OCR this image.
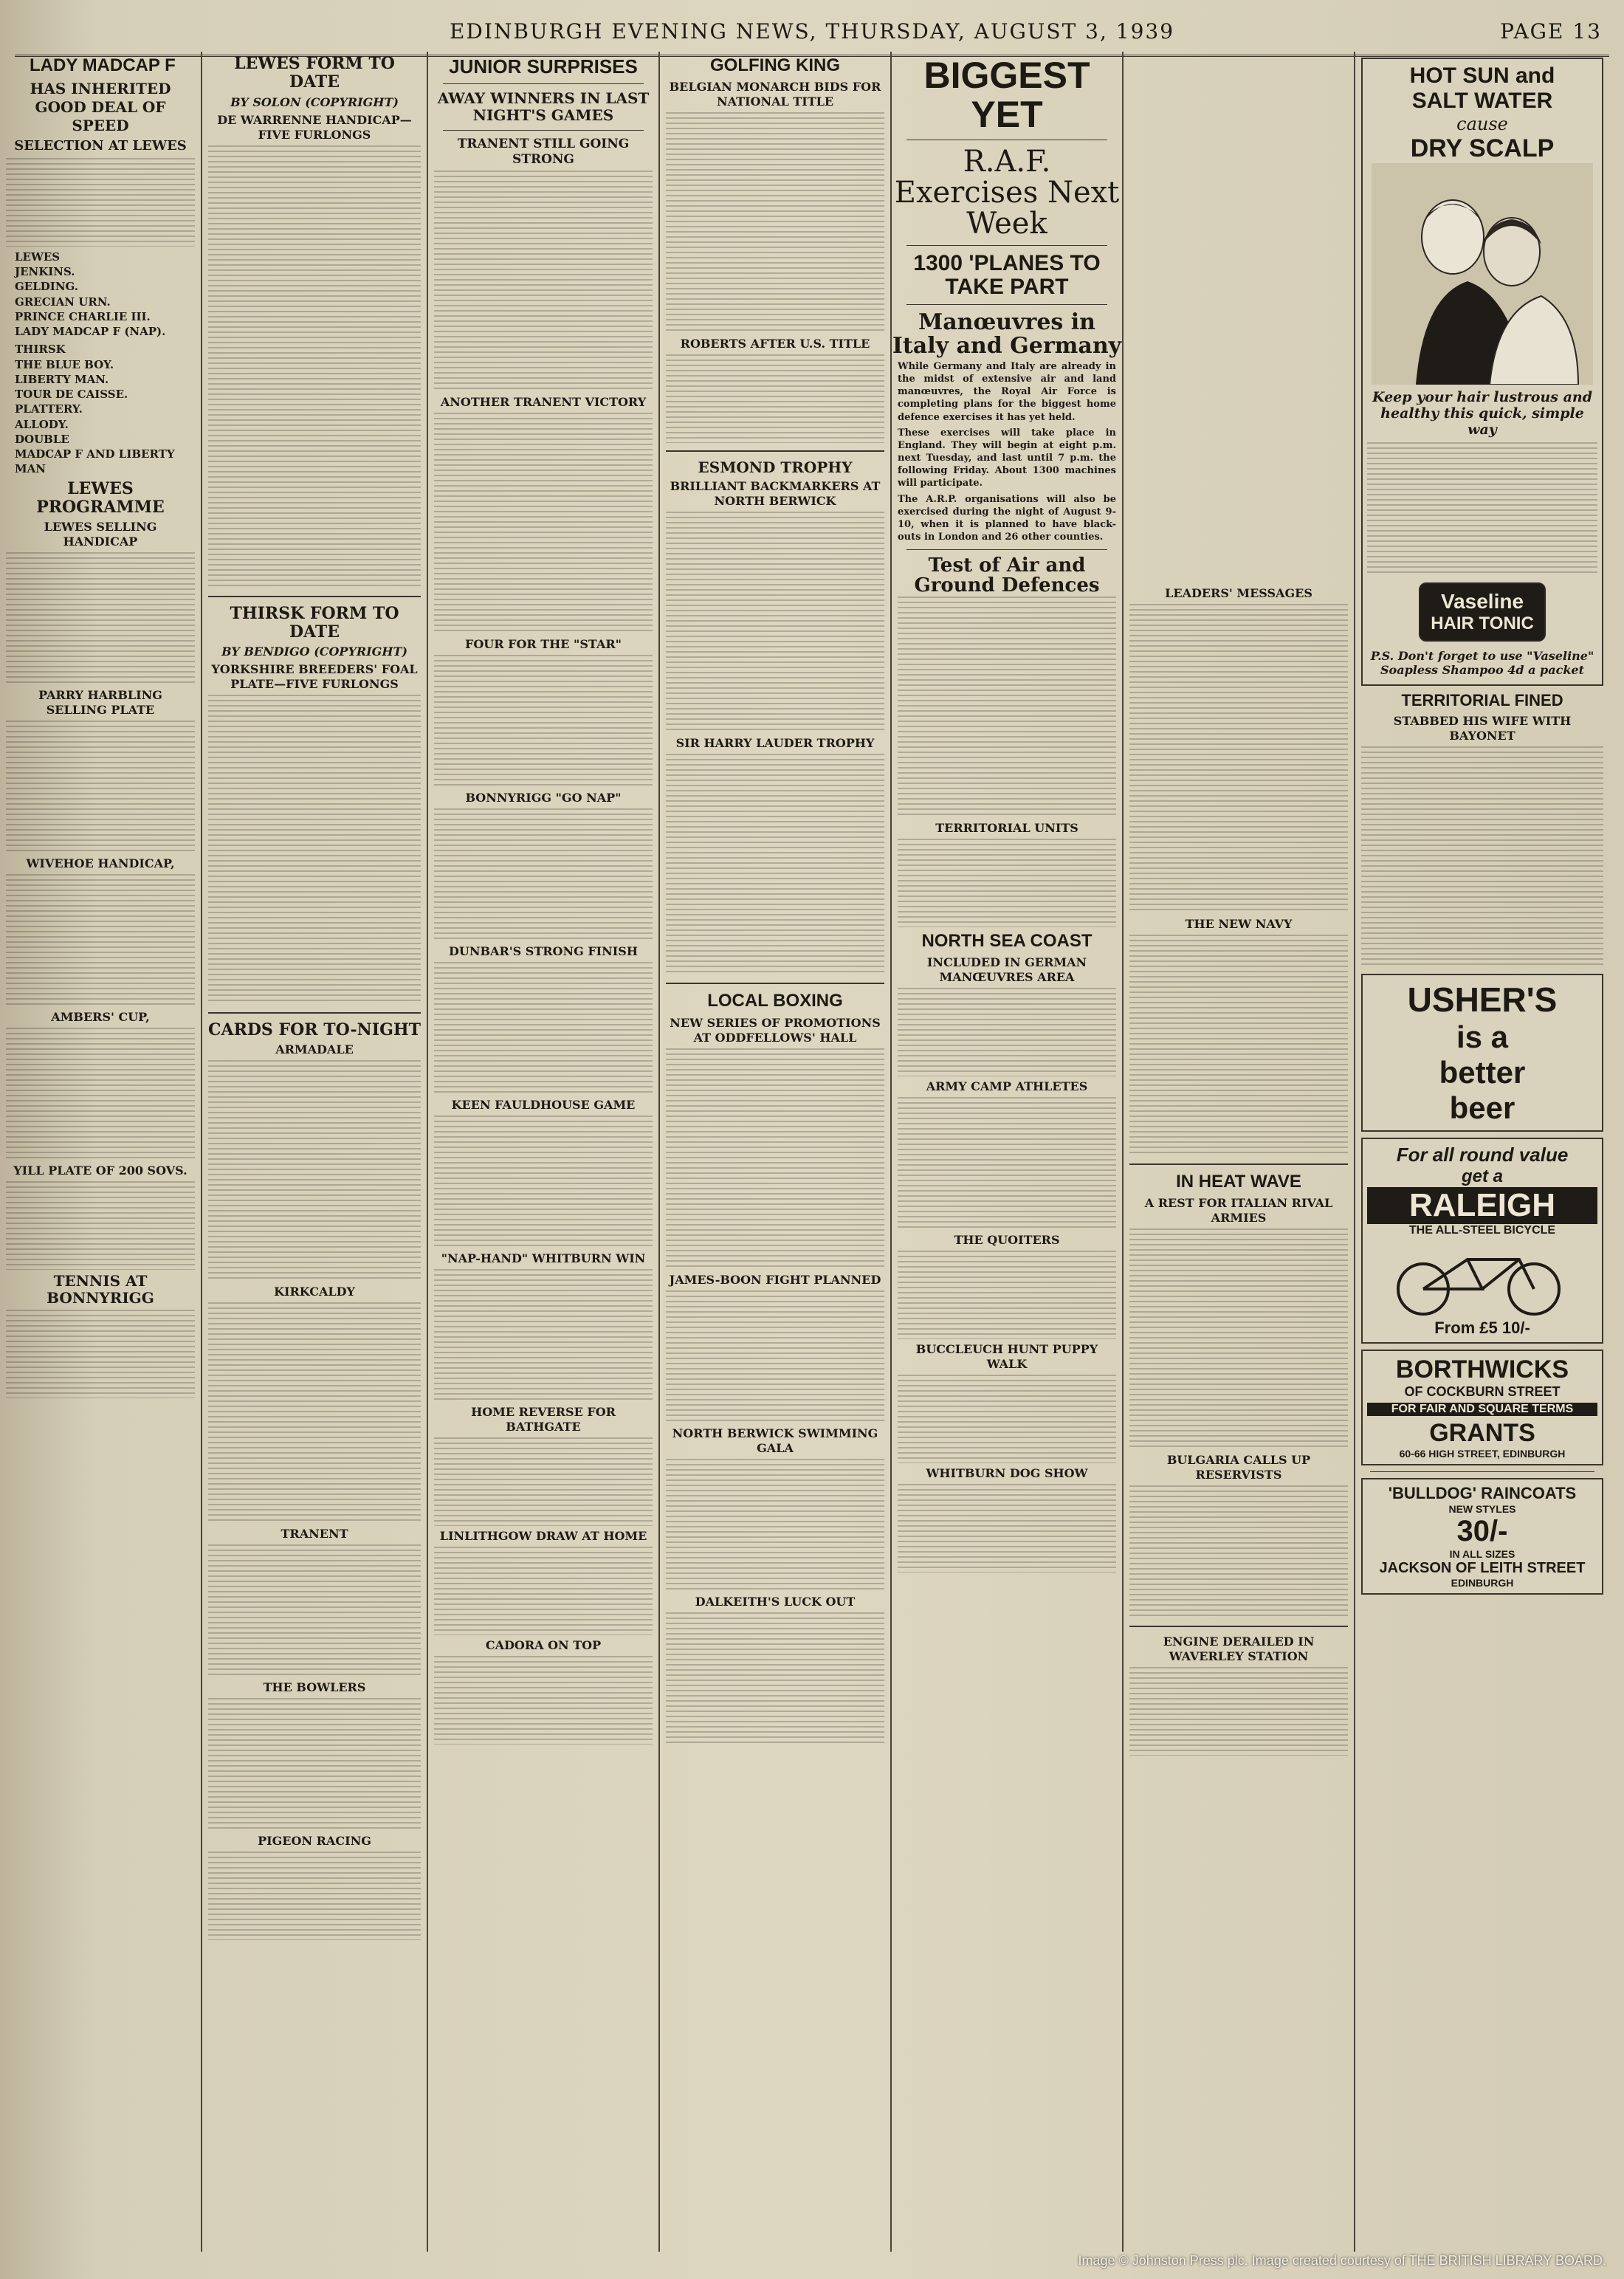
EDINBURGH EVENING NEWS, THURSDAY, AUGUST 3, 1939	PAGE 13
LADY MADCAP F
HAS INHERITED GOOD DEAL OF SPEED
SELECTION AT LEWES
LEWES
JENKINS.
GELDING.
GRECIAN URN.
PRINCE CHARLIE III.
LADY MADCAP F (NAP).
THIRSK
THE BLUE BOY.
LIBERTY MAN.
TOUR DE CAISSE.
PLATTERY.
ALLODY.
DOUBLE
MADCAP F AND LIBERTY MAN
LEWES PROGRAMME
LEWES SELLING HANDICAP
PARRY HARBLING SELLING PLATE
WIVEHOE HANDICAP,
AMBERS' CUP,
YILL PLATE OF 200 SOVS.
TENNIS AT BONNYRIGG
LEWES FORM TO DATE
BY SOLON (COPYRIGHT)
DE WARRENNE HANDICAP—FIVE FURLONGS
THIRSK FORM TO DATE
BY BENDIGO (COPYRIGHT)
YORKSHIRE BREEDERS' FOAL PLATE—FIVE FURLONGS
CARDS FOR TO-NIGHT
ARMADALE
KIRKCALDY
TRANENT
THE BOWLERS
PIGEON RACING
JUNIOR SURPRISES
AWAY WINNERS IN LAST NIGHT'S GAMES
TRANENT STILL GOING STRONG
ANOTHER TRANENT VICTORY
FOUR FOR THE "STAR"
BONNYRIGG "GO NAP"
DUNBAR'S STRONG FINISH
KEEN FAULDHOUSE GAME
"NAP-HAND" WHITBURN WIN
HOME REVERSE FOR BATHGATE
LINLITHGOW DRAW AT HOME
CADORA ON TOP
GOLFING KING
BELGIAN MONARCH BIDS FOR NATIONAL TITLE
ROBERTS AFTER U.S. TITLE
ESMOND TROPHY
BRILLIANT BACKMARKERS AT NORTH BERWICK
SIR HARRY LAUDER TROPHY
LOCAL BOXING
NEW SERIES OF PROMOTIONS AT ODDFELLOWS' HALL
JAMES-BOON FIGHT PLANNED
NORTH BERWICK SWIMMING GALA
DALKEITH'S LUCK OUT
BIGGEST YET
R.A.F. Exercises Next Week
1300 'PLANES TO TAKE PART
Manœuvres in Italy and Germany
While Germany and Italy are already in the midst of extensive air and land manœuvres, the Royal Air Force is completing plans for the biggest home defence exercises it has yet held.
These exercises will take place in England. They will begin at eight p.m. next Tuesday, and last until 7 p.m. the following Friday. About 1300 machines will participate.
The A.R.P. organisations will also be exercised during the night of August 9-10, when it is planned to have black-outs in London and 26 other counties.
Test of Air and Ground Defences
TERRITORIAL UNITS
NORTH SEA COAST
INCLUDED IN GERMAN MANŒUVRES AREA
ARMY CAMP ATHLETES
THE QUOITERS
BUCCLEUCH HUNT PUPPY WALK
WHITBURN DOG SHOW
LEADERS' MESSAGES
THE NEW NAVY
IN HEAT WAVE
A REST FOR ITALIAN RIVAL ARMIES
BULGARIA CALLS UP RESERVISTS
ENGINE DERAILED IN WAVERLEY STATION
HOT SUN and
SALT WATER
cause
DRY SCALP
Keep your hair lustrous and healthy this quick, simple way
Vaseline
HAIR TONIC
P.S. Don't forget to use "Vaseline" Soapless Shampoo 4d a packet
TERRITORIAL FINED
STABBED HIS WIFE WITH BAYONET
USHER'S
is a
better
beer
For all round value
get a
RALEIGH
THE ALL-STEEL BICYCLE
From £5 10/-
BORTHWICKS
OF COCKBURN STREET
FOR FAIR AND SQUARE TERMS
GRANTS
60-66 HIGH STREET, EDINBURGH
'BULLDOG' RAINCOATS
NEW STYLES
30/-
IN ALL SIZES
JACKSON OF LEITH STREET
EDINBURGH
Image © Johnston Press plc. Image created courtesy of THE BRITISH LIBRARY BOARD.
